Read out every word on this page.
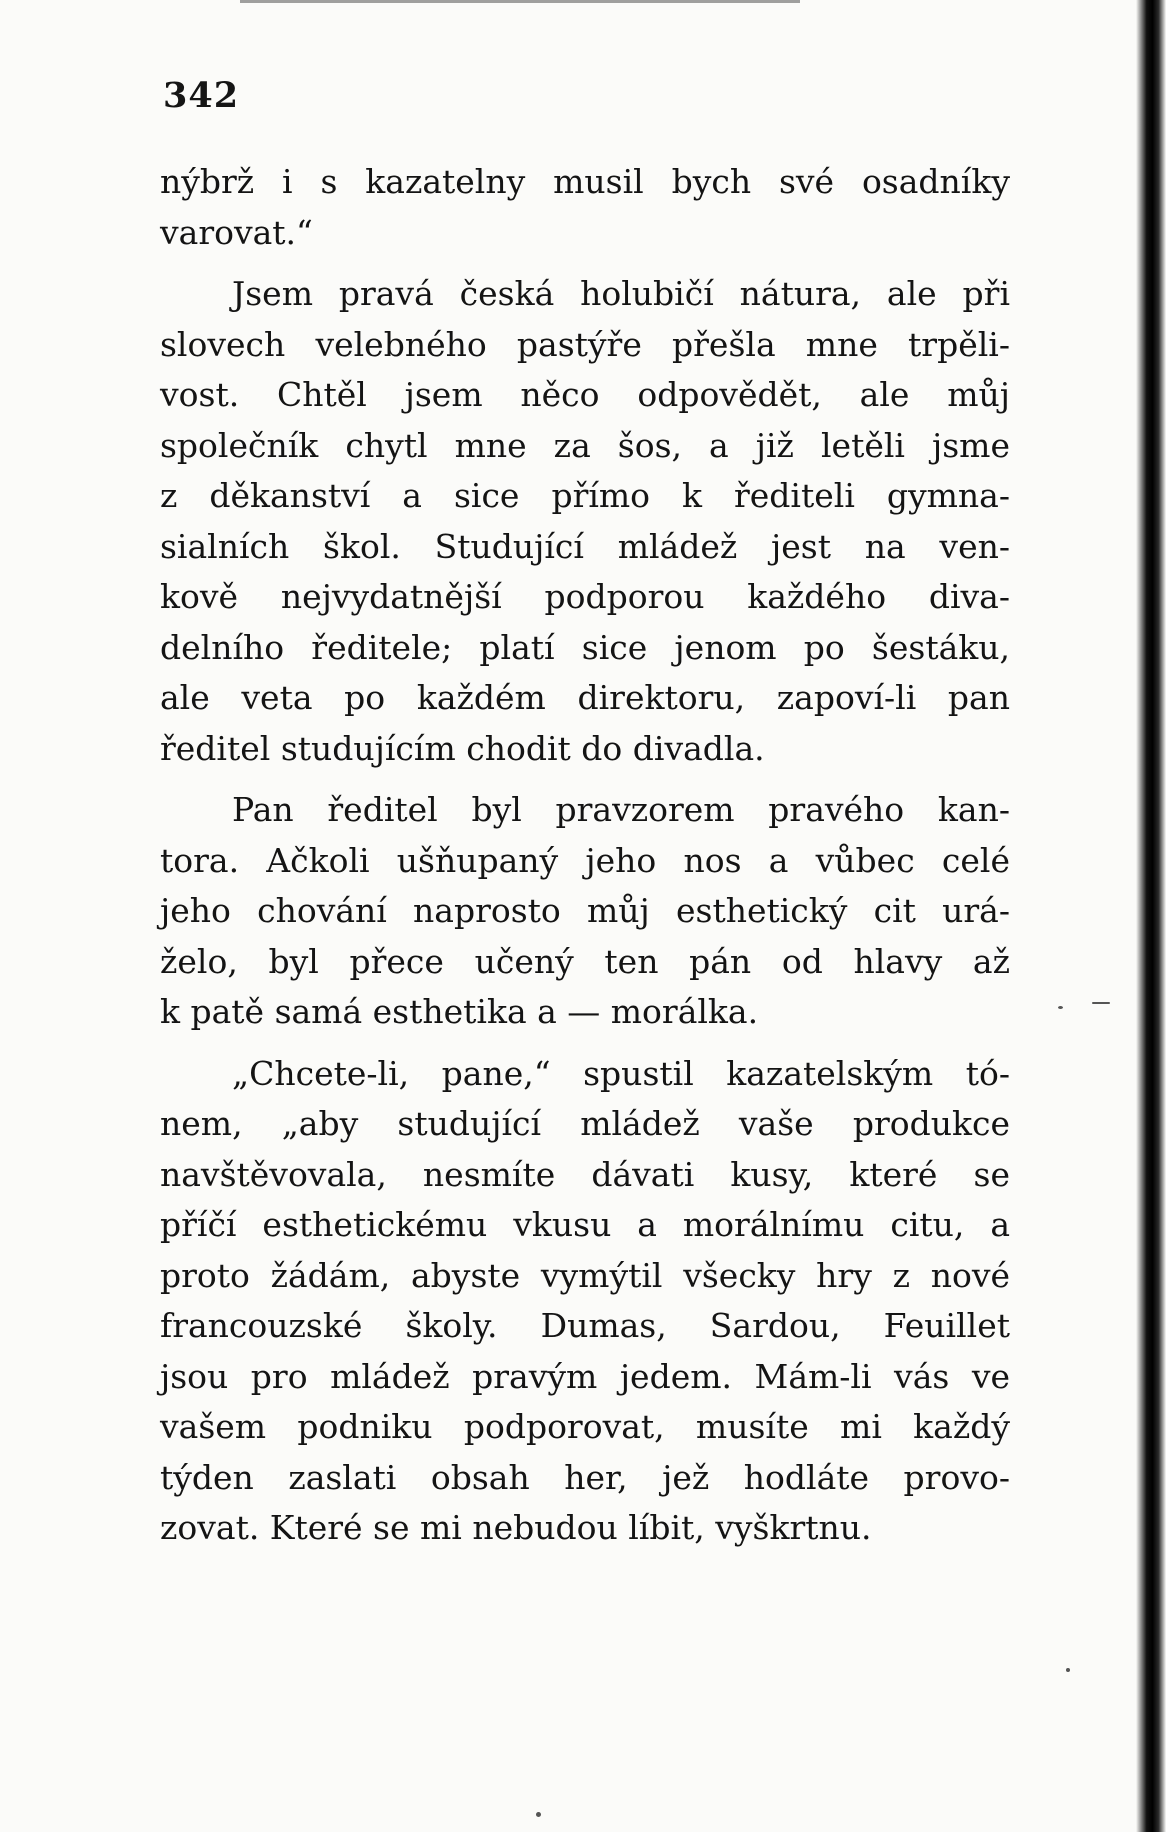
342

nýbrž i s kazatelny musil bych své osadníky
varovat.“

Jsem pravá česká holubičí nátura, ale při
slovech velebného pastýře přešla mne trpěli-
vost. Chtěl jsem něco odpovědět, ale můj
společník chytl mne za šos, a již letěli jsme
z děkanství a sice přímo k řediteli gymna-
sialních škol. Studující mládež jest na ven-
kově nejvydatnější podporou každého diva-
delního ředitele; platí sice jenom po šestáku,
ale veta po každém direktoru, zapoví-li pan
ředitel studujícím chodit do divadla.

Pan ředitel byl pravzorem pravého kan-
tora. Ačkoli ušňupaný jeho nos a vůbec celé
jeho chování naprosto můj esthetický cit urá-
želo, byl přece učený ten pán od hlavy až
k patě samá esthetika a — morálka.

„Chcete-li, pane,“ spustil kazatelským tó-
nem, „aby studující mládež vaše produkce
navštěvovala, nesmíte dávati kusy, které se
příčí esthetickému vkusu a morálnímu citu, a
proto žádám, abyste vymýtil všecky hry z nové
francouzské školy. Dumas, Sardou, Feuillet
jsou pro mládež pravým jedem. Mám-li vás ve
vašem podniku podporovat, musíte mi každý
týden zaslati obsah her, jež hodláte provo-
zovat. Které se mi nebudou líbit, vyškrtnu.
